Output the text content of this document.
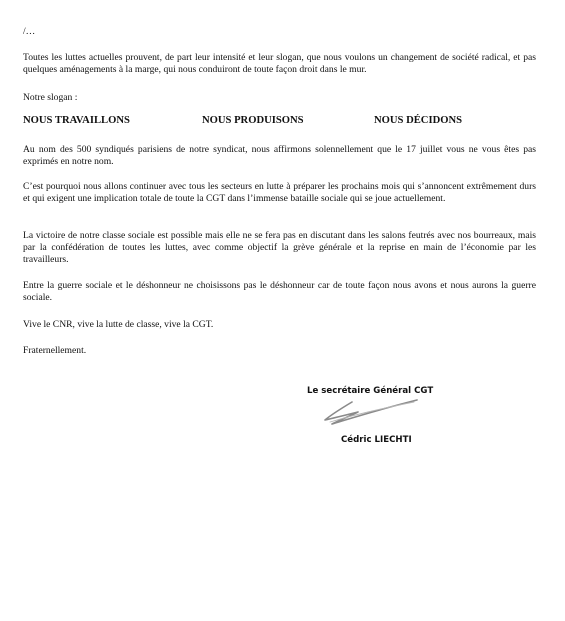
/…

Toutes les luttes actuelles prouvent, de part leur intensité et leur slogan, que nous voulons un changement de société radical, et pas quelques aménagements à la marge, qui nous conduiront de toute façon droit dans le mur.

Notre slogan :

NOUS TRAVAILLONS	NOUS PRODUISONS	NOUS DÉCIDONS

Au nom des 500 syndiqués parisiens de notre syndicat, nous affirmons solennellement que le 17 juillet vous ne vous êtes pas exprimés en notre nom.

C’est pourquoi nous allons continuer avec tous les secteurs en lutte à préparer les prochains mois qui s’annoncent extrêmement durs et qui exigent une implication totale de toute la CGT dans l’immense bataille sociale qui se joue actuellement.

La victoire de notre classe sociale est possible mais elle ne se fera pas en discutant dans les salons feutrés avec nos bourreaux, mais par la confédération de toutes les luttes, avec comme objectif la grève générale et la reprise en main de l’économie par les travailleurs.

Entre la guerre sociale et le déshonneur ne choisissons pas le déshonneur car de toute façon nous avons et nous aurons la guerre sociale.

Vive le CNR, vive la lutte de classe, vive la CGT.

Fraternellement.

Le secrétaire Général CGT

Cédric LIECHTI
